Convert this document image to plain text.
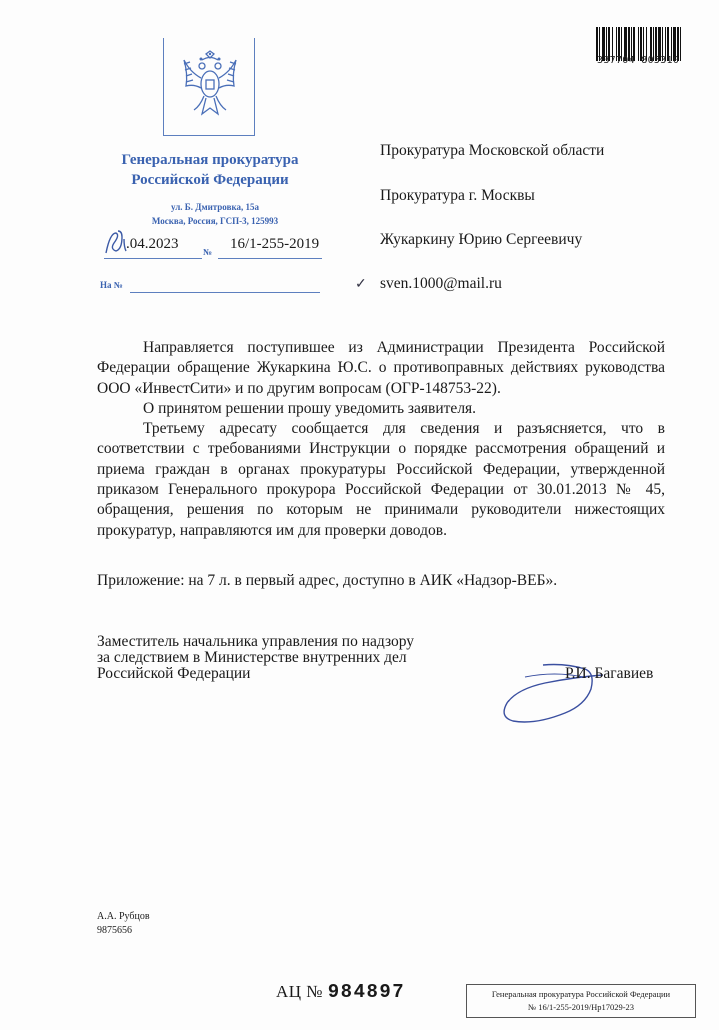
Генеральная прокуратура
Российской Федерации
ул. Б. Дмитровка, 15а
Москва, Россия, ГСП-3, 125993
.04.2023	№ 16/1-255-2019
На №
337704 805310
Прокуратура Московской области
Прокуратура г. Москвы
Жукаркину Юрию Сергеевичу
✓ sven.1000@mail.ru

Направляется поступившее из Администрации Президента Российской Федерации обращение Жукаркина Ю.С. о противоправных действиях руководства ООО «ИнвестСити» и по другим вопросам (ОГР-148753-22).

О принятом решении прошу уведомить заявителя.

Третьему адресату сообщается для сведения и разъясняется, что в соответствии с требованиями Инструкции о порядке рассмотрения обращений и приема граждан в органах прокуратуры Российской Федерации, утвержденной приказом Генерального прокурора Российской Федерации от 30.01.2013 № 45, обращения, решения по которым не принимали руководители нижестоящих прокуратур, направляются им для проверки доводов.

Приложение: на 7 л. в первый адрес, доступно в АИК «Надзор-ВЕБ».
Заместитель начальника управления по надзору
за следствием в Министерстве внутренних дел
Российской Федерации	Р.И. Багавиев
А.А. Рубцов
9875656
АЦ № 984897	Генеральная прокуратура Российской Федерации
№ 16/1-255-2019/Нр17029-23
